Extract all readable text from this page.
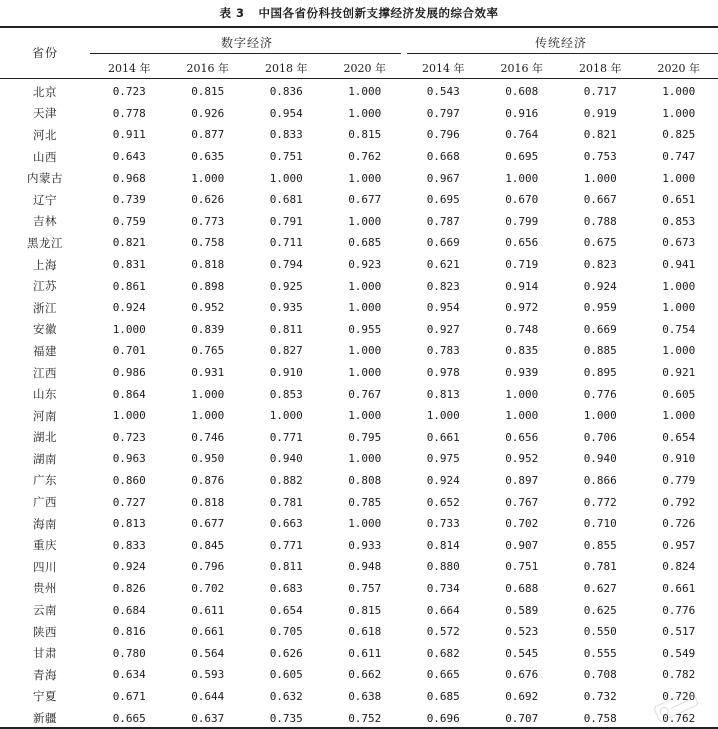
表 3 中国各省份科技创新支撑经济发展的综合效率
省份
数字经济	传统经济
2014 年	2016 年	2018 年	2020 年	2014 年	2016 年	2018 年	2020 年
北京	0.723	0.815	0.836	1.000	0.543	0.608	0.717	1.000
天津	0.778	0.926	0.954	1.000	0.797	0.916	0.919	1.000
河北	0.911	0.877	0.833	0.815	0.796	0.764	0.821	0.825
山西	0.643	0.635	0.751	0.762	0.668	0.695	0.753	0.747
内蒙古	0.968	1.000	1.000	1.000	0.967	1.000	1.000	1.000
辽宁	0.739	0.626	0.681	0.677	0.695	0.670	0.667	0.651
吉林	0.759	0.773	0.791	1.000	0.787	0.799	0.788	0.853
黑龙江	0.821	0.758	0.711	0.685	0.669	0.656	0.675	0.673
上海	0.831	0.818	0.794	0.923	0.621	0.719	0.823	0.941
江苏	0.861	0.898	0.925	1.000	0.823	0.914	0.924	1.000
浙江	0.924	0.952	0.935	1.000	0.954	0.972	0.959	1.000
安徽	1.000	0.839	0.811	0.955	0.927	0.748	0.669	0.754
福建	0.701	0.765	0.827	1.000	0.783	0.835	0.885	1.000
江西	0.986	0.931	0.910	1.000	0.978	0.939	0.895	0.921
山东	0.864	1.000	0.853	0.767	0.813	1.000	0.776	0.605
河南	1.000	1.000	1.000	1.000	1.000	1.000	1.000	1.000
湖北	0.723	0.746	0.771	0.795	0.661	0.656	0.706	0.654
湖南	0.963	0.950	0.940	1.000	0.975	0.952	0.940	0.910
广东	0.860	0.876	0.882	0.808	0.924	0.897	0.866	0.779
广西	0.727	0.818	0.781	0.785	0.652	0.767	0.772	0.792
海南	0.813	0.677	0.663	1.000	0.733	0.702	0.710	0.726
重庆	0.833	0.845	0.771	0.933	0.814	0.907	0.855	0.957
四川	0.924	0.796	0.811	0.948	0.880	0.751	0.781	0.824
贵州	0.826	0.702	0.683	0.757	0.734	0.688	0.627	0.661
云南	0.684	0.611	0.654	0.815	0.664	0.589	0.625	0.776
陕西	0.816	0.661	0.705	0.618	0.572	0.523	0.550	0.517
甘肃	0.780	0.564	0.626	0.611	0.682	0.545	0.555	0.549
青海	0.634	0.593	0.605	0.662	0.665	0.676	0.708	0.782
宁夏	0.671	0.644	0.632	0.638	0.685	0.692	0.732	0.720
新疆	0.665	0.637	0.735	0.752	0.696	0.707	0.758	0.762
